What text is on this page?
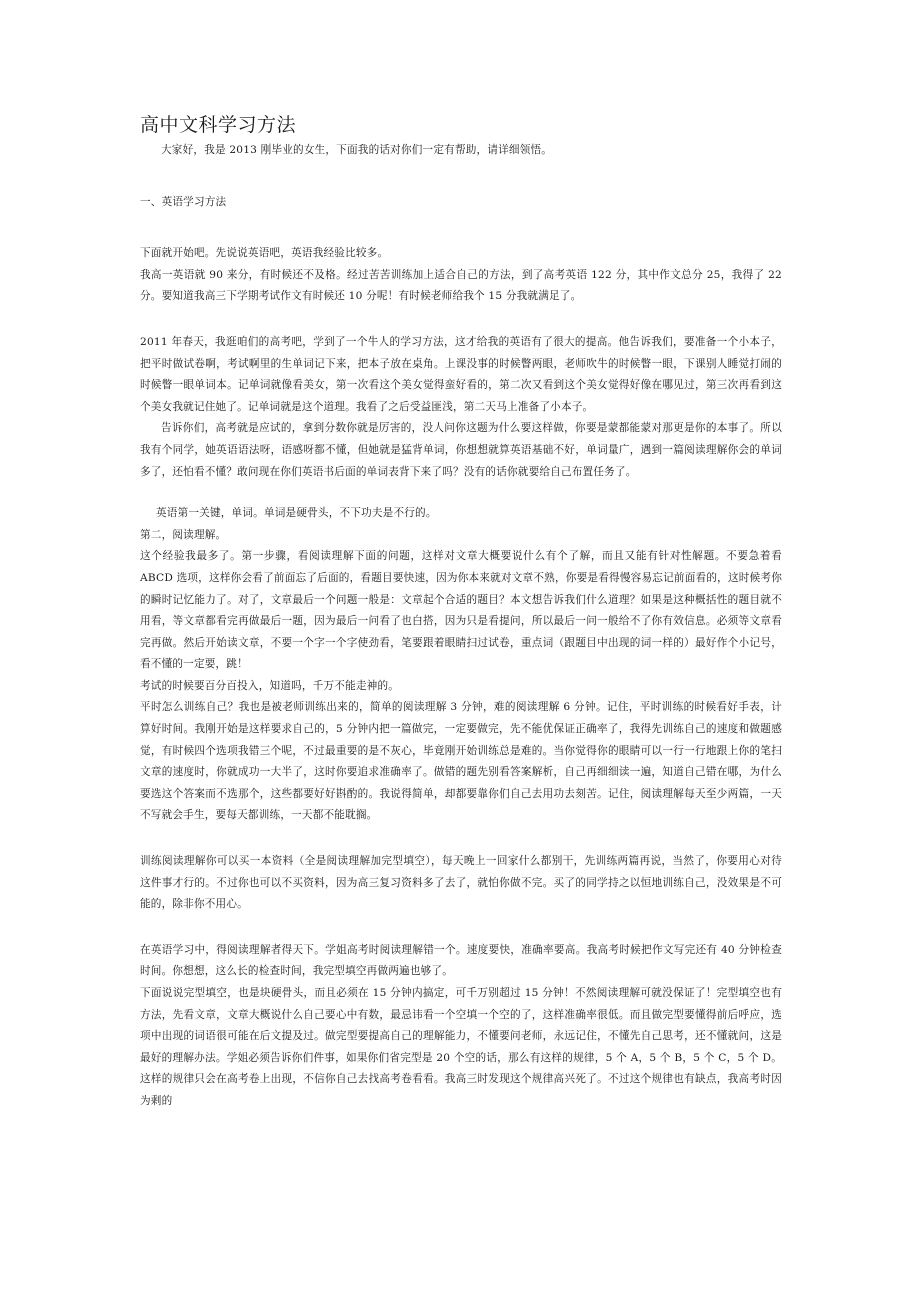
高中文科学习方法

大家好，我是 2013 刚毕业的女生，下面我的话对你们一定有帮助，请详细领悟。

一、英语学习方法

下面就开始吧。先说说英语吧，英语我经验比较多。

我高一英语就 90 来分，有时候还不及格。经过苦苦训练加上适合自己的方法，到了高考英语 122 分，其中作文总分 25，我得了 22 分。要知道我高三下学期考试作文有时候还 10 分呢！有时候老师给我个 15 分我就满足了。

2011 年春天，我逛咱们的高考吧，学到了一个牛人的学习方法，这才给我的英语有了很大的提高。他告诉我们，要准备一个小本子，把平时做试卷啊，考试啊里的生单词记下来，把本子放在桌角。上课没事的时候瞥两眼，老师吹牛的时候瞥一眼，下课别人睡觉打闹的时候瞥一眼单词本。记单词就像看美女，第一次看这个美女觉得蛮好看的，第二次又看到这个美女觉得好像在哪见过，第三次再看到这个美女我就记住她了。记单词就是这个道理。我看了之后受益匪浅，第二天马上准备了小本子。

告诉你们，高考就是应试的，拿到分数你就是厉害的，没人问你这题为什么要这样做，你要是蒙都能蒙对那更是你的本事了。所以我有个同学，她英语语法呀，语感呀都不懂，但她就是猛背单词，你想想就算英语基础不好，单词量广，遇到一篇阅读理解你会的单词多了，还怕看不懂？敢问现在你们英语书后面的单词表背下来了吗？没有的话你就要给自己布置任务了。

英语第一关键，单词。单词是硬骨头，不下功夫是不行的。

第二，阅读理解。

这个经验我最多了。第一步骤，看阅读理解下面的问题，这样对文章大概要说什么有个了解，而且又能有针对性解题。不要急着看 ABCD 选项，这样你会看了前面忘了后面的，看题目要快速，因为你本来就对文章不熟，你要是看得慢容易忘记前面看的，这时候考你的瞬时记忆能力了。对了，文章最后一个问题一般是：文章起个合适的题目？本文想告诉我们什么道理？如果是这种概括性的题目就不用看，等文章都看完再做最后一题，因为最后一问看了也白搭，因为只是看提问，所以最后一问一般给不了你有效信息。必须等文章看完再做。然后开始读文章，不要一个字一个字使劲看，笔要跟着眼睛扫过试卷，重点词（跟题目中出现的词一样的）最好作个小记号，看不懂的一定要，跳！

考试的时候要百分百投入，知道吗，千万不能走神的。

平时怎么训练自己？我也是被老师训练出来的，简单的阅读理解 3 分钟，难的阅读理解 6 分钟。记住，平时训练的时候看好手表，计算好时间。我刚开始是这样要求自己的，5 分钟内把一篇做完，一定要做完，先不能优保证正确率了，我得先训练自己的速度和做题感觉，有时候四个选项我错三个呢，不过最重要的是不灰心，毕竟刚开始训练总是难的。当你觉得你的眼睛可以一行一行地跟上你的笔扫文章的速度时，你就成功一大半了，这时你要追求准确率了。做错的题先别看答案解析，自己再细细读一遍，知道自己错在哪，为什么要选这个答案而不选那个，这些都要好好斟酌的。我说得简单，却都要靠你们自己去用功去刻苦。记住，阅读理解每天至少两篇，一天不写就会手生，要每天都训练，一天都不能耽搁。

训练阅读理解你可以买一本资料（全是阅读理解加完型填空），每天晚上一回家什么都别干，先训练两篇再说，当然了，你要用心对待这件事才行的。不过你也可以不买资料，因为高三复习资料多了去了，就怕你做不完。买了的同学持之以恒地训练自己，没效果是不可能的，除非你不用心。

在英语学习中，得阅读理解者得天下。学姐高考时阅读理解错一个。速度要快，准确率要高。我高考时候把作文写完还有 40 分钟检查时间。你想想，这么长的检查时间，我完型填空再做两遍也够了。

下面说说完型填空，也是块硬骨头，而且必须在 15 分钟内搞定，可千万别超过 15 分钟！不然阅读理解可就没保证了！完型填空也有方法，先看文章，文章大概说什么自己要心中有数，最忌讳看一个空填一个空的了，这样准确率很低。而且做完型要懂得前后呼应，选项中出现的词语很可能在后文提及过。做完型要提高自己的理解能力，不懂要问老师，永远记住，不懂先自己思考，还不懂就问，这是最好的理解办法。学姐必须告诉你们件事，如果你们省完型是 20 个空的话，那么有这样的规律，5 个 A，5 个 B，5 个 C，5 个 D。这样的规律只会在高考卷上出现，不信你自己去找高考卷看看。我高三时发现这个规律高兴死了。不过这个规律也有缺点，我高考时因为剩的
